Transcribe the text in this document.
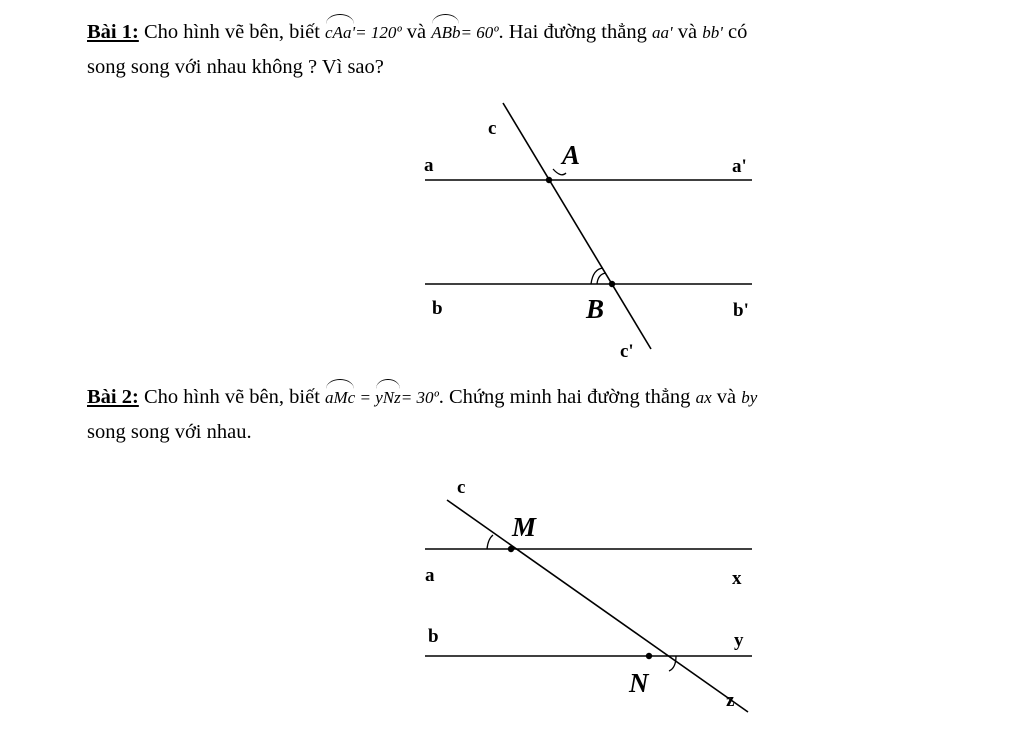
Bài 1: Cho hình vẽ bên, biết cAa'= 120º và ABb= 60º. Hai đường thẳng aa' và bb' có
song song với nhau không ? Vì sao?
Bài 2: Cho hình vẽ bên, biết aMc = yNz= 30º. Chứng minh hai đường thẳng ax và by
song song với nhau.
c
a	A	a'
b	B	b'
c'
c
M
a	x
b	y
N
z
